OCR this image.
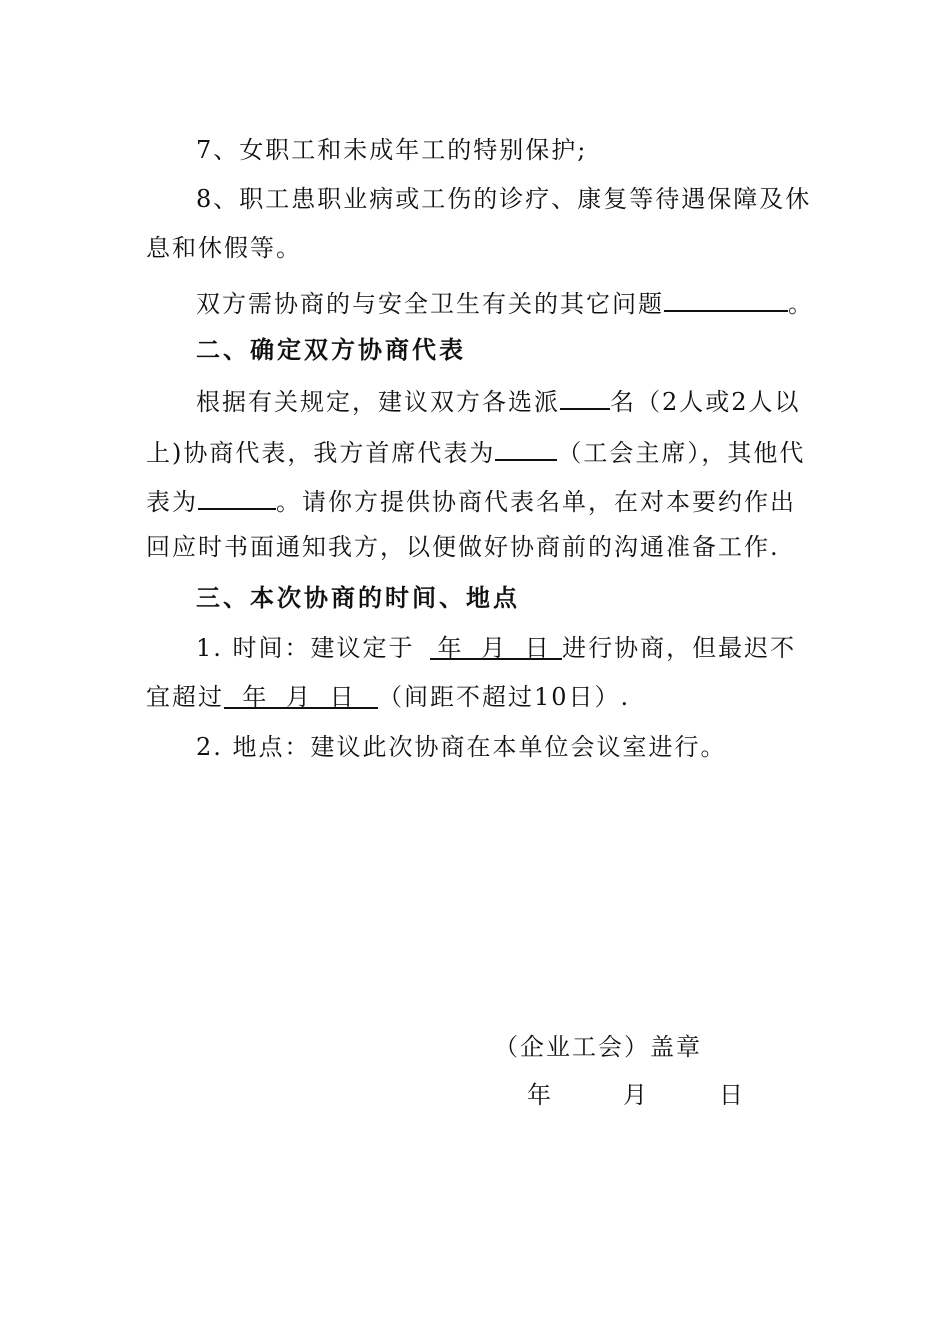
7、女职工和未成年工的特别保护;
8、职工患职业病或工伤的诊疗、康复等待遇保障及休
息和休假等。
双方需协商的与安全卫生有关的其它问题	。
二、确定双方协商代表
根据有关规定，建议双方各选派 名（2人或2人以
上)协商代表，我方首席代表为	（工会主席），其他代
表为	。请你方提供协商代表名单，在对本要约作出
回应时书面通知我方，以便做好协商前的沟通准备工作.
三、本次协商的时间、地点
1. 时间：建议定于 年 月 日 进行协商，但最迟不
宜超过 年 月 日 （间距不超过10日）.
2. 地点：建议此次协商在本单位会议室进行。
（企业工会）盖章
年　　月　　日
